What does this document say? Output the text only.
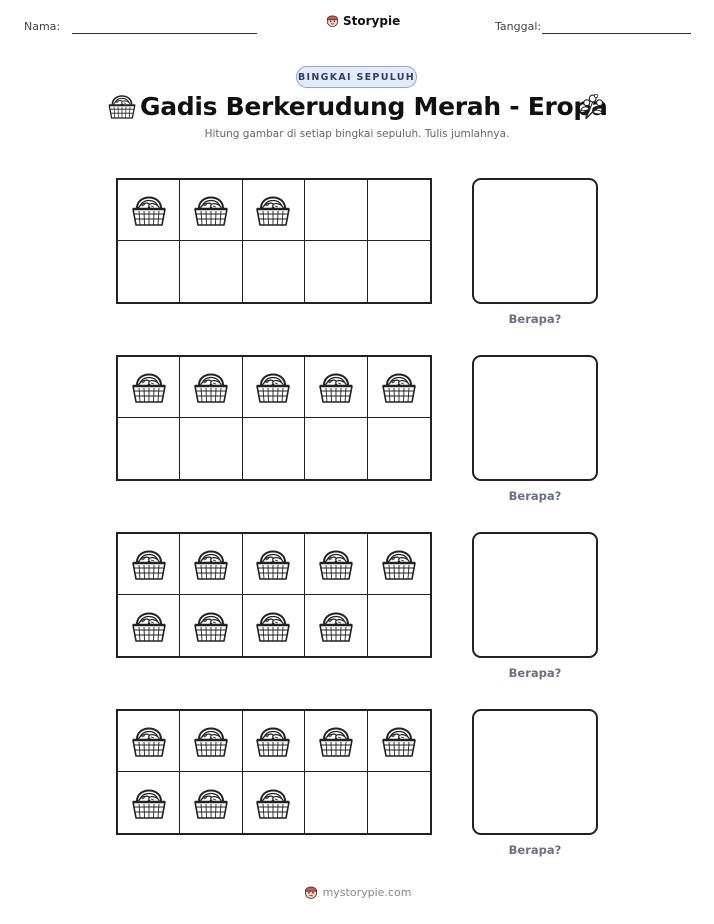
Nama:	Storypie	Tanggal:
BINGKAI SEPULUH
Gadis Berkerudung Merah - Eropa
Hitung gambar di setiap bingkai sepuluh. Tulis jumlahnya.
Berapa?
Berapa?
Berapa?
Berapa?
mystorypie.com
